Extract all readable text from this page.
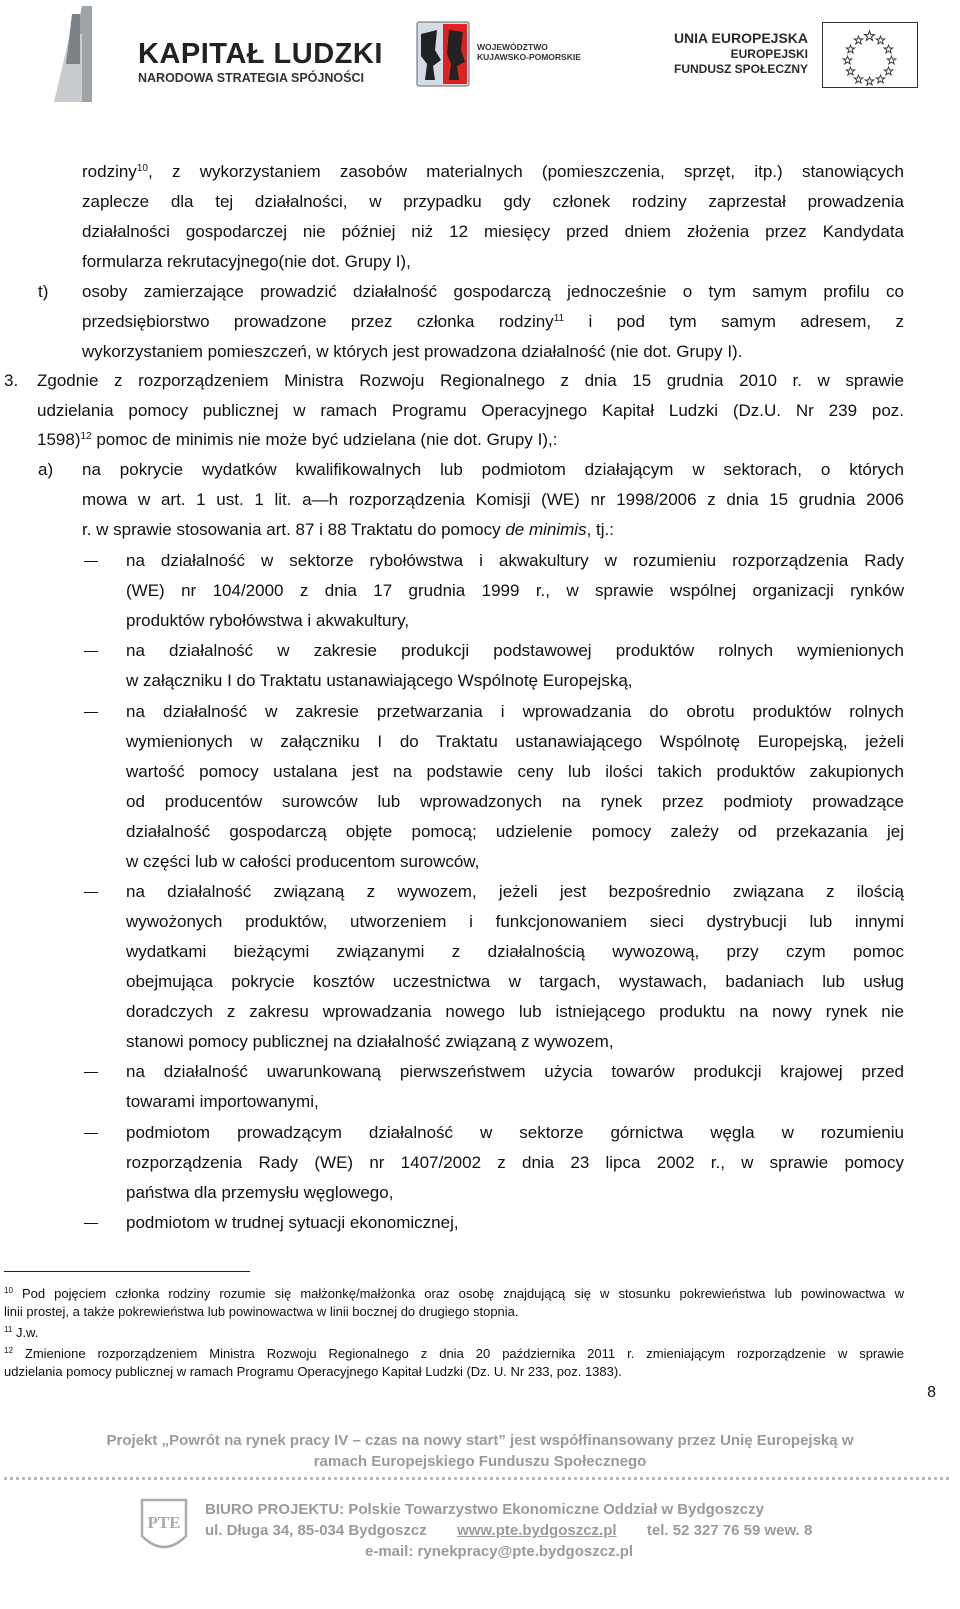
KAPITAŁ LUDZKI
NARODOWA STRATEGIA SPÓJNOŚCI
WOJEWÓDZTWO
KUJAWSKO-POMORSKIE
UNIA EUROPEJSKA
EUROPEJSKI
FUNDUSZ SPOŁECZNY
rodziny$^{10}$, z wykorzystaniem zasobów materialnych (pomieszczenia, sprzęt, itp.) stanowiących
zaplecze dla tej działalności, w przypadku gdy członek rodziny zaprzestał prowadzenia
działalności gospodarczej nie później niż 12 miesięcy przed dniem złożenia przez Kandydata
formularza rekrutacyjnego(nie dot. Grupy I),
t) osoby zamierzające prowadzić działalność gospodarczą jednocześnie o tym samym profilu co
przedsiębiorstwo prowadzone przez członka rodziny$^{11}$ i pod tym samym adresem, z
wykorzystaniem pomieszczeń, w których jest prowadzona działalność (nie dot. Grupy I).
3. Zgodnie z rozporządzeniem Ministra Rozwoju Regionalnego z dnia 15 grudnia 2010 r. w sprawie
udzielania pomocy publicznej w ramach Programu Operacyjnego Kapitał Ludzki (Dz.U. Nr 239 poz.
1598)$^{12}$ pomoc de minimis nie może być udzielana (nie dot. Grupy I),:
a) na pokrycie wydatków kwalifikowalnych lub podmiotom działającym w sektorach, o których
mowa w art. 1 ust. 1 lit. a—h rozporządzenia Komisji (WE) nr 1998/2006 z dnia 15 grudnia 2006
r. w sprawie stosowania art. 87 i 88 Traktatu do pomocy de minimis, tj.:
na działalność w sektorze rybołówstwa i akwakultury w rozumieniu rozporządzenia Rady
(WE) nr 104/2000 z dnia 17 grudnia 1999 r., w sprawie wspólnej organizacji rynków
produktów rybołówstwa i akwakultury,
na działalność w zakresie produkcji podstawowej produktów rolnych wymienionych
w załączniku I do Traktatu ustanawiającego Wspólnotę Europejską,
na działalność w zakresie przetwarzania i wprowadzania do obrotu produktów rolnych
wymienionych w załączniku I do Traktatu ustanawiającego Wspólnotę Europejską, jeżeli
wartość pomocy ustalana jest na podstawie ceny lub ilości takich produktów zakupionych
od producentów surowców lub wprowadzonych na rynek przez podmioty prowadzące
działalność gospodarczą objęte pomocą; udzielenie pomocy zależy od przekazania jej
w części lub w całości producentom surowców,
na działalność związaną z wywozem, jeżeli jest bezpośrednio związana z ilością
wywożonych produktów, utworzeniem i funkcjonowaniem sieci dystrybucji lub innymi
wydatkami bieżącymi związanymi z działalnością wywozową, przy czym pomoc
obejmująca pokrycie kosztów uczestnictwa w targach, wystawach, badaniach lub usług
doradczych z zakresu wprowadzania nowego lub istniejącego produktu na nowy rynek nie
stanowi pomocy publicznej na działalność związaną z wywozem,
na działalność uwarunkowaną pierwszeństwem użycia towarów produkcji krajowej przed
towarami importowanymi,
podmiotom prowadzącym działalność w sektorze górnictwa węgla w rozumieniu
rozporządzenia Rady (WE) nr 1407/2002 z dnia 23 lipca 2002 r., w sprawie pomocy
państwa dla przemysłu węglowego,
podmiotom w trudnej sytuacji ekonomicznej,
$^{10}$ Pod pojęciem członka rodziny rozumie się małżonkę/małżonka oraz osobę znajdującą się w stosunku pokrewieństwa lub powinowactwa w
linii prostej, a także pokrewieństwa lub powinowactwa w linii bocznej do drugiego stopnia.
$^{11}$ J.w.
$^{12}$ Zmienione rozporządzeniem Ministra Rozwoju Regionalnego z dnia 20 października 2011 r. zmieniającym rozporządzenie w sprawie
udzielania pomocy publicznej w ramach Programu Operacyjnego Kapitał Ludzki (Dz. U. Nr 233, poz. 1383).
8
Projekt „Powrót na rynek pracy IV – czas na nowy start” jest współfinansowany przez Unię Europejską w
ramach Europejskiego Funduszu Społecznego
PTE
BIURO PROJEKTU: Polskie Towarzystwo Ekonomiczne Oddział w Bydgoszczy
ul. Długa 34, 85-034 Bydgoszcz www.pte.bydgoszcz.pl tel. 52 327 76 59 wew. 8
e-mail: rynekpracy@pte.bydgoszcz.pl
